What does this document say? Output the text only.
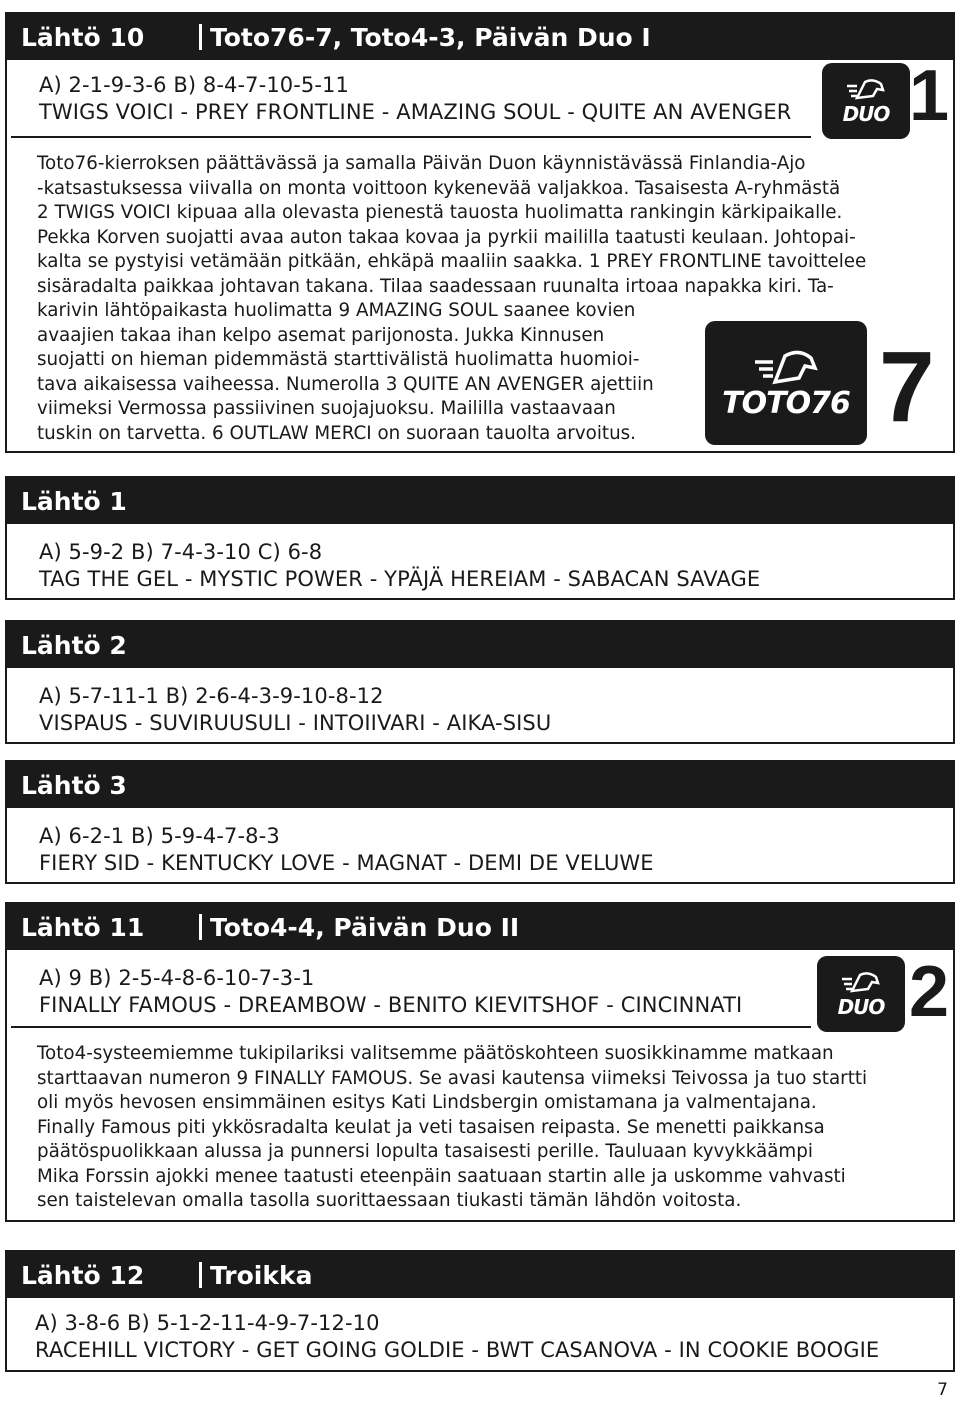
Lähtö 10	Toto76-7, Toto4-3, Päivän Duo I
A) 2-1-9-3-6 B) 8-4-7-10-5-11
TWIGS VOICI - PREY FRONTLINE - AMAZING SOUL - QUITE AN AVENGER	DUO 1

Toto76-kierroksen päättävässä ja samalla Päivän Duon käynnistävässä Finlandia-Ajo

-katsastuksessa viivalla on monta voittoon kykenevää valjakkoa. Tasaisesta A-ryhmästä

2 TWIGS VOICI kipuaa alla olevasta pienestä tauosta huolimatta rankingin kärkipaikalle.

Pekka Korven suojatti avaa auton takaa kovaa ja pyrkii maililla taatusti keulaan. Johtopai-

kalta se pystyisi vetämään pitkään, ehkäpä maaliin saakka. 1 PREY FRONTLINE tavoittelee

sisäradalta paikkaa johtavan takana. Tilaa saadessaan ruunalta irtoaa napakka kiri. Ta-

karivin lähtöpaikasta huolimatta 9 AMAZING SOUL saanee kovien

avaajien takaa ihan kelpo asemat parijonosta. Jukka Kinnusen

suojatti on hieman pidemmästä starttivälistä huolimatta huomioi-

tava aikaisessa vaiheessa. Numerolla 3 QUITE AN AVENGER ajettiin

viimeksi Vermossa passiivinen suojajuoksu. Maililla vastaavaan

tuskin on tarvetta. 6 OUTLAW MERCI on suoraan tauolta arvoitus.

TOTO76 7
Lähtö 1
A) 5-9-2 B) 7-4-3-10 C) 6-8
TAG THE GEL - MYSTIC POWER - YPÄJÄ HEREIAM - SABACAN SAVAGE
Lähtö 2
A) 5-7-11-1 B) 2-6-4-3-9-10-8-12
VISPAUS - SUVIRUUSULI - INTOIIVARI - AIKA-SISU
Lähtö 3
A) 6-2-1 B) 5-9-4-7-8-3
FIERY SID - KENTUCKY LOVE - MAGNAT - DEMI DE VELUWE
Lähtö 11	Toto4-4, Päivän Duo II
A) 9 B) 2-5-4-8-6-10-7-3-1
FINALLY FAMOUS - DREAMBOW - BENITO KIEVITSHOF - CINCINNATI	DUO 2

Toto4-systeemiemme tukipilariksi valitsemme päätöskohteen suosikkinamme matkaan

starttaavan numeron 9 FINALLY FAMOUS. Se avasi kautensa viimeksi Teivossa ja tuo startti

oli myös hevosen ensimmäinen esitys Kati Lindsbergin omistamana ja valmentajana.

Finally Famous piti ykkösradalta keulat ja veti tasaisen reipasta. Se menetti paikkansa

päätöspuolikkaan alussa ja punnersi lopulta tasaisesti perille. Tauluaan kyvykkäämpi

Mika Forssin ajokki menee taatusti eteenpäin saatuaan startin alle ja uskomme vahvasti

sen taistelevan omalla tasolla suorittaessaan tiukasti tämän lähdön voitosta.

Lähtö 12	Troikka
A) 3-8-6 B) 5-1-2-11-4-9-7-12-10
RACEHILL VICTORY - GET GOING GOLDIE - BWT CASANOVA - IN COOKIE BOOGIE
7
